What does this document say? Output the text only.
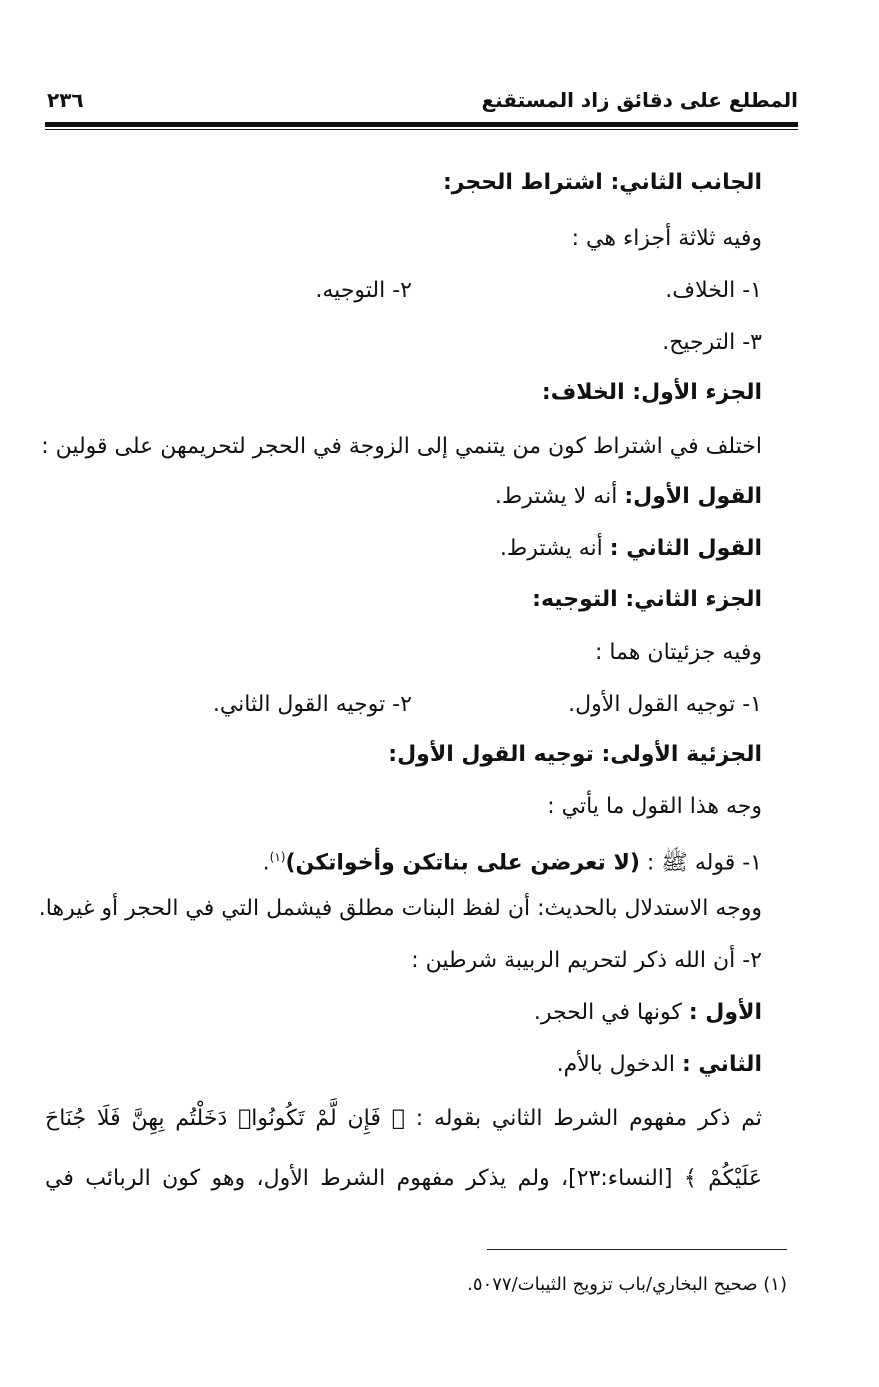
المطلع على دقائق زاد المستقنع
٢٣٦
الجانب الثاني: اشتراط الحجر:
وفيه ثلاثة أجزاء هي :
١- الخلاف.
٢- التوجيه.
٣- الترجيح.
الجزء الأول: الخلاف:
اختلف في اشتراط كون من يتنمي إلى الزوجة في الحجر لتحريمهن على قولين :
القول الأول: أنه لا يشترط.
القول الثاني : أنه يشترط.
الجزء الثاني: التوجيه:
وفيه جزئيتان هما :
١- توجيه القول الأول.
٢- توجيه القول الثاني.
الجزئية الأولى: توجيه القول الأول:
وجه هذا القول ما يأتي :
١- قوله ﷺ : (لا تعرضن على بناتكن وأخواتكن)$^{(١)}$.
ووجه الاستدلال بالحديث: أن لفظ البنات مطلق فيشمل التي في الحجر أو غيرها.
٢- أن الله ذكر لتحريم الربيبة شرطين :
الأول : كونها في الحجر.
الثاني : الدخول بالأم.
ثم ذكر مفهوم الشرط الثاني بقوله : ﴿ فَإِن لَّمْ تَكُونُوا۟ دَخَلْتُم بِهِنَّ فَلَا جُنَاحَ
عَلَيْكُمْ ﴾ [النساء:٢٣]، ولم يذكر مفهوم الشرط الأول، وهو كون الربائب في
(١) صحيح البخاري/باب تزويج الثيبات/٥٠٧٧.
